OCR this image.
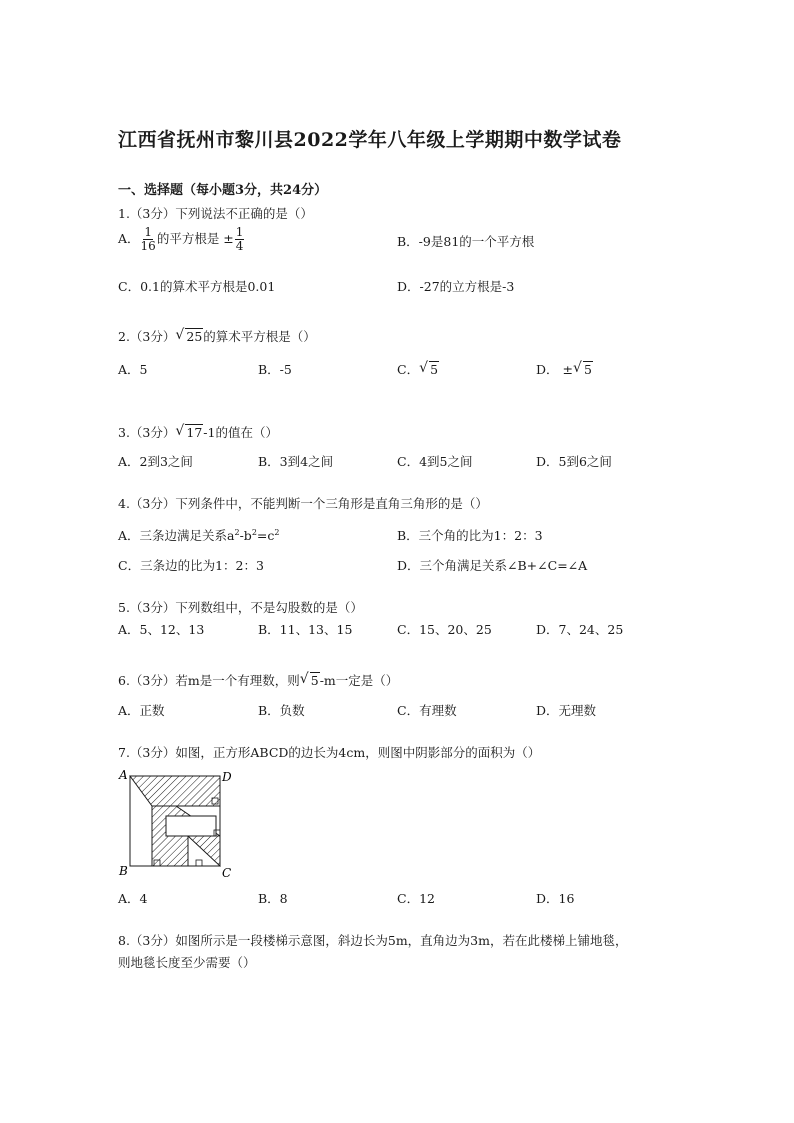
江西省抚州市黎川县2022学年八年级上学期期中数学试卷
一、选择题（每小题3分，共24分）
1.（3分）下列说法不正确的是（）
A． $\frac{1}{16}$ 的平方根是 ± $\frac{1}{4}$	B．-9是81的一个平方根
C．0.1的算术平方根是0.01	D．-27的立方根是-3
2.（3分） √ 25的算术平方根是（）
A．5	B．-5	C． √ 5	D． ± √ 5
3.（3分） √ 17-1的值在（）
A．2到3之间	B．3到4之间	C．4到5之间	D．5到6之间
4.（3分）下列条件中，不能判断一个三角形是直角三角形的是（）
A．三条边满足关系$a^2-b^2=c^2$	B．三个角的比为1：2：3
C．三条边的比为1：2：3	D．三个角满足关系∠B+∠C=∠A
5.（3分）下列数组中，不是勾股数的是（）
A．5、12、13	B．11、13、15	C．15、20、25	D．7、24、25
6.（3分）若m是一个有理数，则 √ 5-m一定是（）
A．正数	B．负数	C．有理数	D．无理数
7.（3分）如图，正方形ABCD的边长为4cm，则图中阴影部分的面积为（）
A	D
B	C
A．4	B．8	C．12	D．16
8.（3分）如图所示是一段楼梯示意图，斜边长为5m，直角边为3m，若在此楼梯上铺地毯，
则地毯长度至少需要（）
